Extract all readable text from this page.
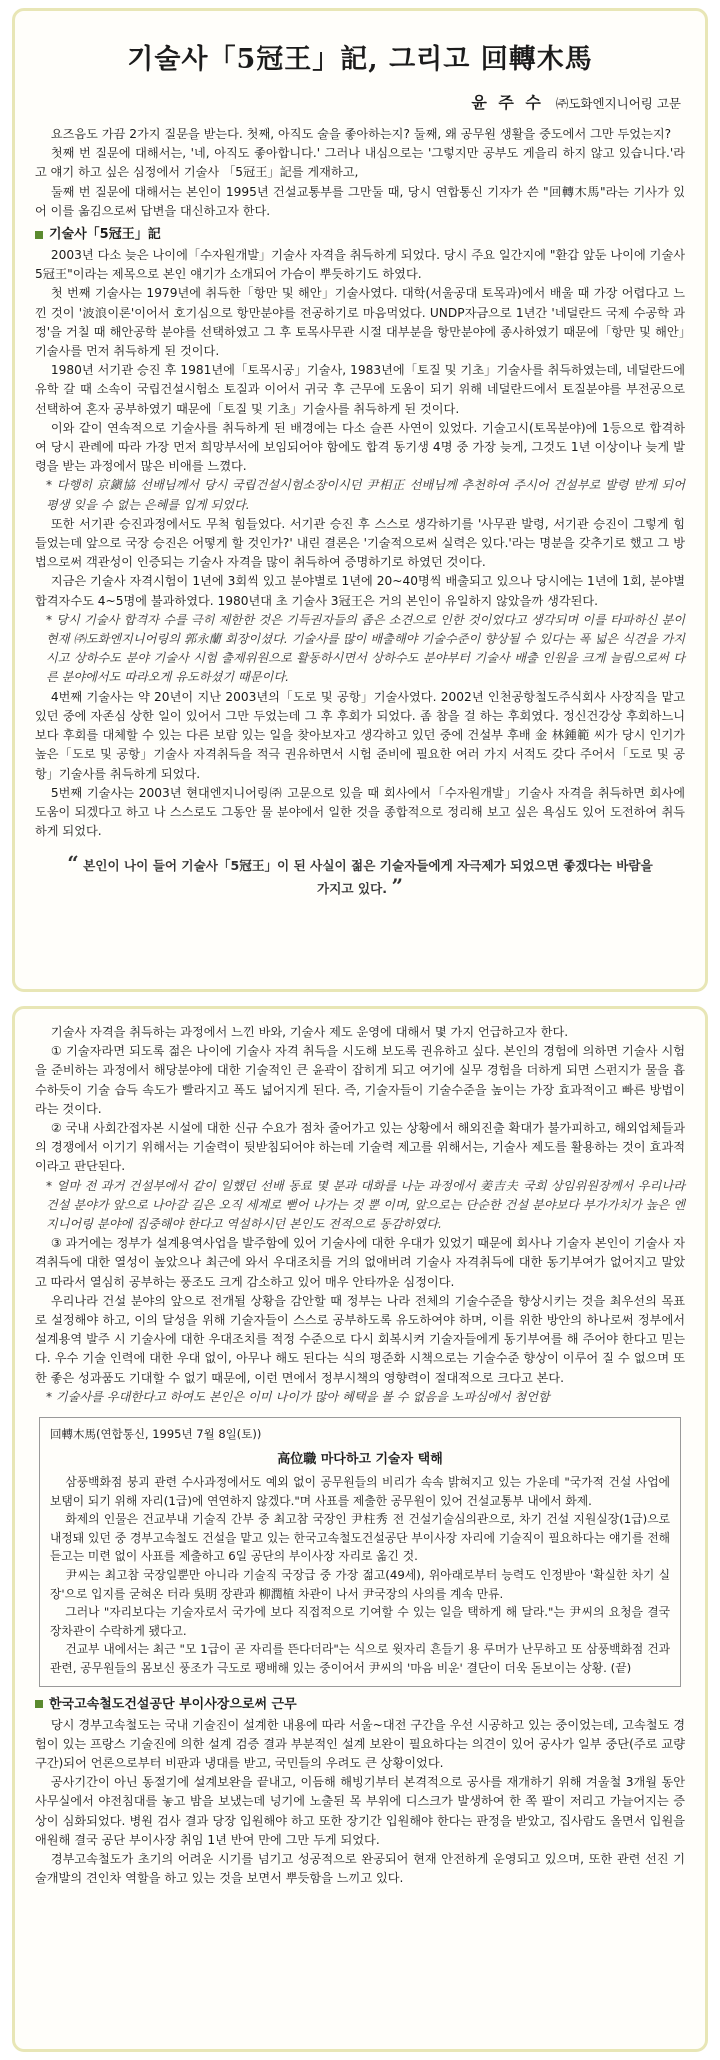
기술사「5冠王」記, 그리고 回轉木馬
윤 주 수 ㈜도화엔지니어링 고문

요즈음도 가끔 2가지 질문을 받는다. 첫째, 아직도 술을 좋아하는지? 둘째, 왜 공무원 생활을 중도에서 그만 두었는지?

첫째 번 질문에 대해서는, '네, 아직도 좋아합니다.' 그러나 내심으로는 '그렇지만 공부도 게을리 하지 않고 있습니다.'라고 얘기 하고 싶은 심정에서 기술사 「5冠王」記를 게재하고,

둘째 번 질문에 대해서는 본인이 1995년 건설교통부를 그만둘 때, 당시 연합통신 기자가 쓴 "回轉木馬"라는 기사가 있어 이를 옮김으로써 답변을 대신하고자 한다.

기술사「5冠王」記

2003년 다소 늦은 나이에「수자원개발」기술사 자격을 취득하게 되었다. 당시 주요 일간지에 "환갑 앞둔 나이에 기술사 5冠王"이라는 제목으로 본인 얘기가 소개되어 가슴이 뿌듯하기도 하였다.

첫 번째 기술사는 1979년에 취득한「항만 및 해안」기술사였다. 대학(서울공대 토목과)에서 배울 때 가장 어렵다고 느낀 것이 '波浪이론'이어서 호기심으로 항만분야를 전공하기로 마음먹었다. UNDP자금으로 1년간 '네덜란드 국제 수공학 과정'을 거칠 때 해안공학 분야를 선택하였고 그 후 토목사무관 시절 대부분을 항만분야에 종사하였기 때문에「항만 및 해안」기술사를 먼저 취득하게 된 것이다.

1980년 서기관 승진 후 1981년에「토목시공」기술사, 1983년에「토질 및 기초」기술사를 취득하였는데, 네덜란드에 유학 갈 때 소속이 국립건설시험소 토질과 이어서 귀국 후 근무에 도움이 되기 위해 네덜란드에서 토질분야를 부전공으로 선택하여 혼자 공부하였기 때문에「토질 및 기초」기술사를 취득하게 된 것이다.

이와 같이 연속적으로 기술사를 취득하게 된 배경에는 다소 슬픈 사연이 있었다. 기술고시(토목분야)에 1등으로 합격하여 당시 관례에 따라 가장 먼저 희망부서에 보임되어야 함에도 합격 동기생 4명 중 가장 늦게, 그것도 1년 이상이나 늦게 발령을 받는 과정에서 많은 비애를 느꼈다.

* 다행히 京鎭協 선배님께서 당시 국립건설시험소장이시던 尹相正 선배님께 추천하여 주시어 건설부로 발령 받게 되어 평생 잊을 수 없는 은혜를 입게 되었다.

또한 서기관 승진과정에서도 무척 힘들었다. 서기관 승진 후 스스로 생각하기를 '사무관 발령, 서기관 승진이 그렇게 힘들었는데 앞으로 국장 승진은 어떻게 할 것인가?' 내린 결론은 '기술적으로써 실력은 있다.'라는 명분을 갖추기로 했고 그 방법으로써 객관성이 인증되는 기술사 자격을 많이 취득하여 증명하기로 하였던 것이다.

지금은 기술사 자격시험이 1년에 3회씩 있고 분야별로 1년에 20~40명씩 배출되고 있으나 당시에는 1년에 1회, 분야별 합격자수도 4~5명에 불과하였다. 1980년대 초 기술사 3冠王은 거의 본인이 유일하지 않았을까 생각된다.

* 당시 기술사 합격자 수를 극히 제한한 것은 기득권자들의 좁은 소견으로 인한 것이었다고 생각되며 이를 타파하신 분이 현재 ㈜도화엔지니어링의 郭永蘭 회장이셨다. 기술사를 많이 배출해야 기술수준이 향상될 수 있다는 폭 넓은 식견을 가지시고 상하수도 분야 기술사 시험 출제위원으로 활동하시면서 상하수도 분야부터 기술사 배출 인원을 크게 늘림으로써 다른 분야에서도 따라오게 유도하셨기 때문이다.

4번째 기술사는 약 20년이 지난 2003년의「도로 및 공항」기술사였다. 2002년 인천공항철도주식회사 사장직을 맡고 있던 중에 자존심 상한 일이 있어서 그만 두었는데 그 후 후회가 되었다. 좀 참을 걸 하는 후회였다. 정신건강상 후회하느니 보다 후회를 대체할 수 있는 다른 보람 있는 일을 찾아보자고 생각하고 있던 중에 건설부 후배 金 林鍾範 씨가 당시 인기가 높은「도로 및 공항」기술사 자격취득을 적극 권유하면서 시험 준비에 필요한 여러 가지 서적도 갖다 주어서「도로 및 공항」기술사를 취득하게 되었다.

5번째 기술사는 2003년 현대엔지니어링㈜ 고문으로 있을 때 회사에서「수자원개발」기술사 자격을 취득하면 회사에 도움이 되겠다고 하고 나 스스로도 그동안 물 분야에서 일한 것을 종합적으로 정리해 보고 싶은 욕심도 있어 도전하여 취득하게 되었다.

“ 본인이 나이 들어 기술사「5冠王」이 된 사실이 젊은 기술자들에게 자극제가 되었으면 좋겠다는 바람을 가지고 있다. ”

기술사 자격을 취득하는 과정에서 느낀 바와, 기술사 제도 운영에 대해서 몇 가지 언급하고자 한다.

① 기술자라면 되도록 젊은 나이에 기술사 자격 취득을 시도해 보도록 권유하고 싶다. 본인의 경험에 의하면 기술사 시험을 준비하는 과정에서 해당분야에 대한 기술적인 큰 윤곽이 잡히게 되고 여기에 실무 경험을 더하게 되면 스펀지가 물을 흡수하듯이 기술 습득 속도가 빨라지고 폭도 넓어지게 된다. 즉, 기술자들이 기술수준을 높이는 가장 효과적이고 빠른 방법이라는 것이다.

② 국내 사회간접자본 시설에 대한 신규 수요가 점차 줄어가고 있는 상황에서 해외진출 확대가 불가피하고, 해외업체들과의 경쟁에서 이기기 위해서는 기술력이 뒷받침되어야 하는데 기술력 제고를 위해서는, 기술사 제도를 활용하는 것이 효과적이라고 판단된다.

* 얼마 전 과거 건설부에서 같이 일했던 선배 동료 몇 분과 대화를 나눈 과정에서 姜吉夫 국회 상임위원장께서 우리나라 건설 분야가 앞으로 나아갈 길은 오직 세계로 뻗어 나가는 것 뿐 이며, 앞으로는 단순한 건설 분야보다 부가가치가 높은 엔지니어링 분야에 집중해야 한다고 역설하시던 본인도 전적으로 동감하였다.

③ 과거에는 정부가 설계용역사업을 발주함에 있어 기술사에 대한 우대가 있었기 때문에 회사나 기술자 본인이 기술사 자격취득에 대한 열성이 높았으나 최근에 와서 우대조치를 거의 없애버려 기술사 자격취득에 대한 동기부여가 없어지고 말았고 따라서 열심히 공부하는 풍조도 크게 감소하고 있어 매우 안타까운 심정이다.

우리나라 건설 분야의 앞으로 전개될 상황을 감안할 때 정부는 나라 전체의 기술수준을 향상시키는 것을 최우선의 목표로 설정해야 하고, 이의 달성을 위해 기술자들이 스스로 공부하도록 유도하여야 하며, 이를 위한 방안의 하나로써 정부에서 설계용역 발주 시 기술사에 대한 우대조치를 적정 수준으로 다시 회복시켜 기술자들에게 동기부여를 해 주어야 한다고 믿는다. 우수 기술 인력에 대한 우대 없이, 아무나 해도 된다는 식의 평준화 시책으로는 기술수준 향상이 이루어 질 수 없으며 또한 좋은 성과품도 기대할 수 없기 때문에, 이런 면에서 정부시책의 영향력이 절대적으로 크다고 본다.

* 기술사를 우대한다고 하여도 본인은 이미 나이가 많아 혜택을 볼 수 없음을 노파심에서 첨언함

回轉木馬(연합통신, 1995년 7월 8일(토))
高位職 마다하고 기술자 택해

삼풍백화점 붕괴 관련 수사과정에서도 예외 없이 공무원들의 비리가 속속 밝혀지고 있는 가운데 "국가적 건설 사업에 보탬이 되기 위해 자리(1급)에 연연하지 않겠다."며 사표를 제출한 공무원이 있어 건설교통부 내에서 화제.

화제의 인물은 건교부내 기술직 간부 중 최고참 국장인 尹柱秀 전 건설기술심의관으로, 차기 건설 지원실장(1급)으로 내정돼 있던 중 경부고속철도 건설을 맡고 있는 한국고속철도건설공단 부이사장 자리에 기술직이 필요하다는 얘기를 전해 듣고는 미련 없이 사표를 제출하고 6일 공단의 부이사장 자리로 옮긴 것.

尹씨는 최고참 국장일뿐만 아니라 기술직 국장급 중 가장 젊고(49세), 위아래로부터 능력도 인정받아 '확실한 차기 실장'으로 입지를 굳혀온 터라 吳明 장관과 柳潤植 차관이 나서 尹국장의 사의를 계속 만류.

그러나 "자리보다는 기술자로서 국가에 보다 직접적으로 기여할 수 있는 일을 택하게 해 달라."는 尹씨의 요청을 결국 장차관이 수락하게 됐다고.

건교부 내에서는 최근 "모 1급이 곧 자리를 뜬다더라"는 식으로 윗자리 흔들기 용 루머가 난무하고 또 삼풍백화점 건과 관련, 공무원들의 몸보신 풍조가 극도로 팽배해 있는 중이어서 尹씨의 '마음 비운' 결단이 더욱 돋보이는 상황. (끝)

한국고속철도건설공단 부이사장으로써 근무

당시 경부고속철도는 국내 기술진이 설계한 내용에 따라 서울~대전 구간을 우선 시공하고 있는 중이었는데, 고속철도 경험이 있는 프랑스 기술진에 의한 설계 검증 결과 부분적인 설계 보완이 필요하다는 의견이 있어 공사가 일부 중단(주로 교량 구간)되어 언론으로부터 비판과 냉대를 받고, 국민들의 우려도 큰 상황이었다.

공사기간이 아닌 동절기에 설계보완을 끝내고, 이듬해 해빙기부터 본격적으로 공사를 재개하기 위해 겨울철 3개월 동안 사무실에서 야전침대를 놓고 밤을 보냈는데 넝기에 노출된 목 부위에 디스크가 발생하여 한 쪽 팔이 저리고 가늘어지는 증상이 심화되었다. 병원 검사 결과 당장 입원해야 하고 또한 장기간 입원해야 한다는 판정을 받았고, 집사람도 올면서 입원을 애원해 결국 공단 부이사장 취임 1년 반여 만에 그만 두게 되었다.

경부고속철도가 초기의 어려운 시기를 넘기고 성공적으로 완공되어 현재 안전하게 운영되고 있으며, 또한 관련 선진 기술개발의 견인차 역할을 하고 있는 것을 보면서 뿌듯함을 느끼고 있다.
